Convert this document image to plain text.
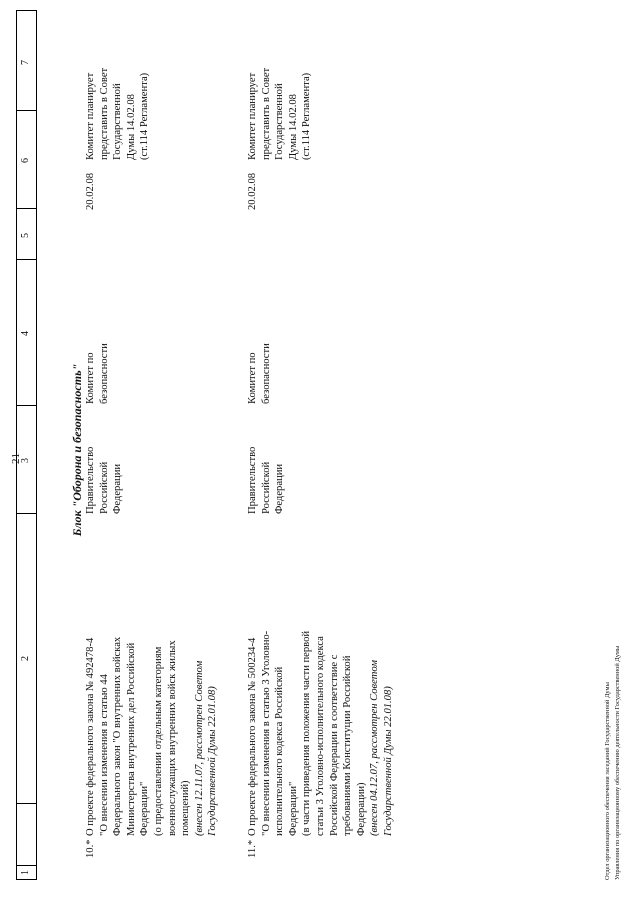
21
1
2
3
4
5
6
7
Блок "Оборона и безопасность"
10.*
О проекте федерального закона № 492478-4 "О внесении изменения в статью 44 Федерального закон "О внутренних войсках Министерства внутренних дел Российской Федерации" (о предоставлении отдельным категориям военнослужащих внутренних войск жилых помещений) (внесен 12.11.07, рассмотрен Советом Государственной Думы 22.01.08)
Правительство Российской Федерации
Комитет по безопасности
20.02.08
Комитет планирует представить в Совет Государственной Думы 14.02.08 (ст.114 Регламента)
11.*
О проекте федерального закона № 500234-4 "О внесении изменения в статью 3 Уголовно- исполнительного кодекса Российской Федерации" (в части приведения положения части первой статьи 3 Уголовно-исполнительного кодекса Российской Федерации в соответствие с требованиями Конституции Российской Федерации) (внесен 04.12.07, рассмотрен Советом Государственной Думы 22.01.08)
Правительство Российской Федерации
Комитет по безопасности
20.02.08
Комитет планирует представить в Совет Государственной Думы 14.02.08 (ст.114 Регламента)
Отдел организационного обеспечения заседаний Государственной Думы Управления по организационному обеспечению деятельности Государственной Думы
